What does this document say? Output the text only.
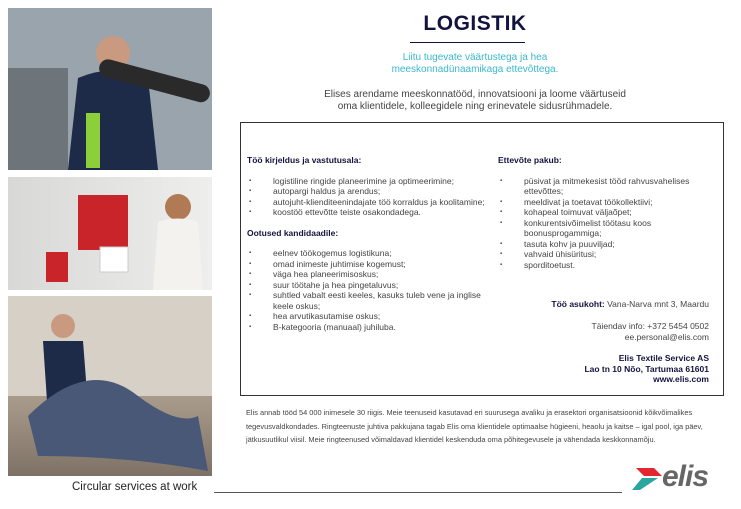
LOGISTIK
Liitu tugevate väärtustega ja hea
meeskonnadünaamikaga ettevõttega.
Elises arendame meeskonnatööd, innovatsiooni ja loome väärtuseid
oma klientidele, kolleegidele ning erinevatele sidusrühmadele.
Töö kirjeldus ja vastutusala:
▪ logistiline ringide planeerimine ja optimeerimine;
▪ autopargi haldus ja arendus;
▪ autojuht-klienditeenindajate töö korraldus ja koolitamine;
▪ koostöö ettevõtte teiste osakondadega.
Ootused kandidaadile:
▪ eelnev töökogemus logistikuna;
▪ omad inimeste juhtimise kogemust;
▪ väga hea planeerimisoskus;
▪ suur töötahe ja hea pingetaluvus;
▪ suhtled vabalt eesti keeles, kasuks tuleb vene ja inglise keele oskus;
▪ hea arvutikasutamise oskus;
▪ B-kategooria (manuaal) juhiluba.
Ettevõte pakub:
▪ püsivat ja mitmekesist tööd rahvusvahelises ettevõttes;
▪ meeldivat ja toetavat töökollektiivi;
▪ kohapeal toimuvat väljaõpet;
▪ konkurentsivõimelist töötasu koos boonusprogammiga;
▪ tasuta kohv ja puuviljad;
▪ vahvaid ühisüritusi;
▪ sporditoetust.
Töö asukoht: Vana-Narva mnt 3, Maardu
Täiendav info: +372 5454 0502
ee.personal@elis.com
Elis Textile Service AS
Lao tn 10 Nõo, Tartumaa 61601
www.elis.com
Elis annab tööd 54 000 inimesele 30 riigis. Meie teenuseid kasutavad eri suurusega avaliku ja erasektori organisatsioonid kõikvõimalikes tegevusvaldkondades. Ringteenuste juhtiva pakkujana tagab Elis oma klientidele optimaalse hügieeni, heaolu ja kaitse – igal pool, iga päev, jätkusuutlikul viisil. Meie ringteenused võimaldavad klientidel keskenduda oma põhitegevusele ja vähendada keskkonnamõju.
Circular services at work	elis
